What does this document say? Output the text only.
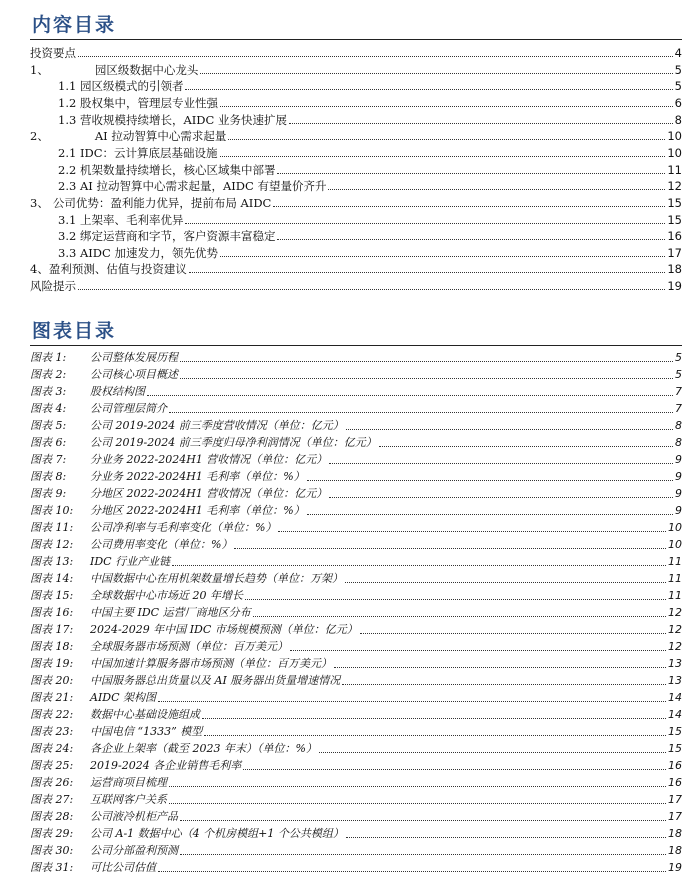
内容目录
投资要点	4
1、	园区级数据中心龙头	5
1.1 园区级模式的引领者	5
1.2 股权集中，管理层专业性强	6
1.3 营收规模持续增长，AIDC 业务快速扩展	8
2、	AI 拉动智算中心需求起量	10
2.1 IDC：云计算底层基础设施	10
2.2 机架数量持续增长，核心区域集中部署	11
2.3 AI 拉动智算中心需求起量，AIDC 有望量价齐升	12
3、 公司优势：盈利能力优异，提前布局 AIDC	15
3.1 上架率、毛利率优异	15
3.2 绑定运营商和字节，客户资源丰富稳定	16
3.3 AIDC 加速发力，领先优势	17
4、 盈利预测、估值与投资建议	18
风险提示	19
图表目录
图表 1:	公司整体发展历程	5
图表 2:	公司核心项目概述	5
图表 3:	股权结构图	7
图表 4:	公司管理层简介	7
图表 5:	公司 2019-2024 前三季度营收情况（单位：亿元）	8
图表 6:	公司 2019-2024 前三季度归母净利润情况（单位：亿元）	8
图表 7:	分业务 2022-2024H1 营收情况（单位：亿元）	9
图表 8:	分业务 2022-2024H1 毛利率（单位：%）	9
图表 9:	分地区 2022-2024H1 营收情况（单位：亿元）	9
图表 10:	分地区 2022-2024H1 毛利率（单位：%）	9
图表 11:	公司净利率与毛利率变化（单位：%）	10
图表 12:	公司费用率变化（单位：%）	10
图表 13:	IDC 行业产业链	11
图表 14:	中国数据中心在用机架数量增长趋势（单位：万架）	11
图表 15:	全球数据中心市场近 20 年增长	11
图表 16:	中国主要 IDC 运营厂商地区分布	12
图表 17:	2024-2029 年中国 IDC 市场规模预测（单位：亿元）	12
图表 18:	全球服务器市场预测（单位：百万美元）	12
图表 19:	中国加速计算服务器市场预测（单位：百万美元）	13
图表 20:	中国服务器总出货量以及 AI 服务器出货量增速情况	13
图表 21:	AIDC 架构图	14
图表 22:	数据中心基础设施组成	14
图表 23:	中国电信 “1333” 模型	15
图表 24:	各企业上架率（截至 2023 年末）（单位：%）	15
图表 25:	2019-2024 各企业销售毛利率	16
图表 26:	运营商项目梳理	16
图表 27:	互联网客户关系	17
图表 28:	公司液冷机柜产品	17
图表 29:	公司 A-1 数据中心（4 个机房模组+1 个公共模组）	18
图表 30:	公司分部盈利预测	18
图表 31:	可比公司估值	19
